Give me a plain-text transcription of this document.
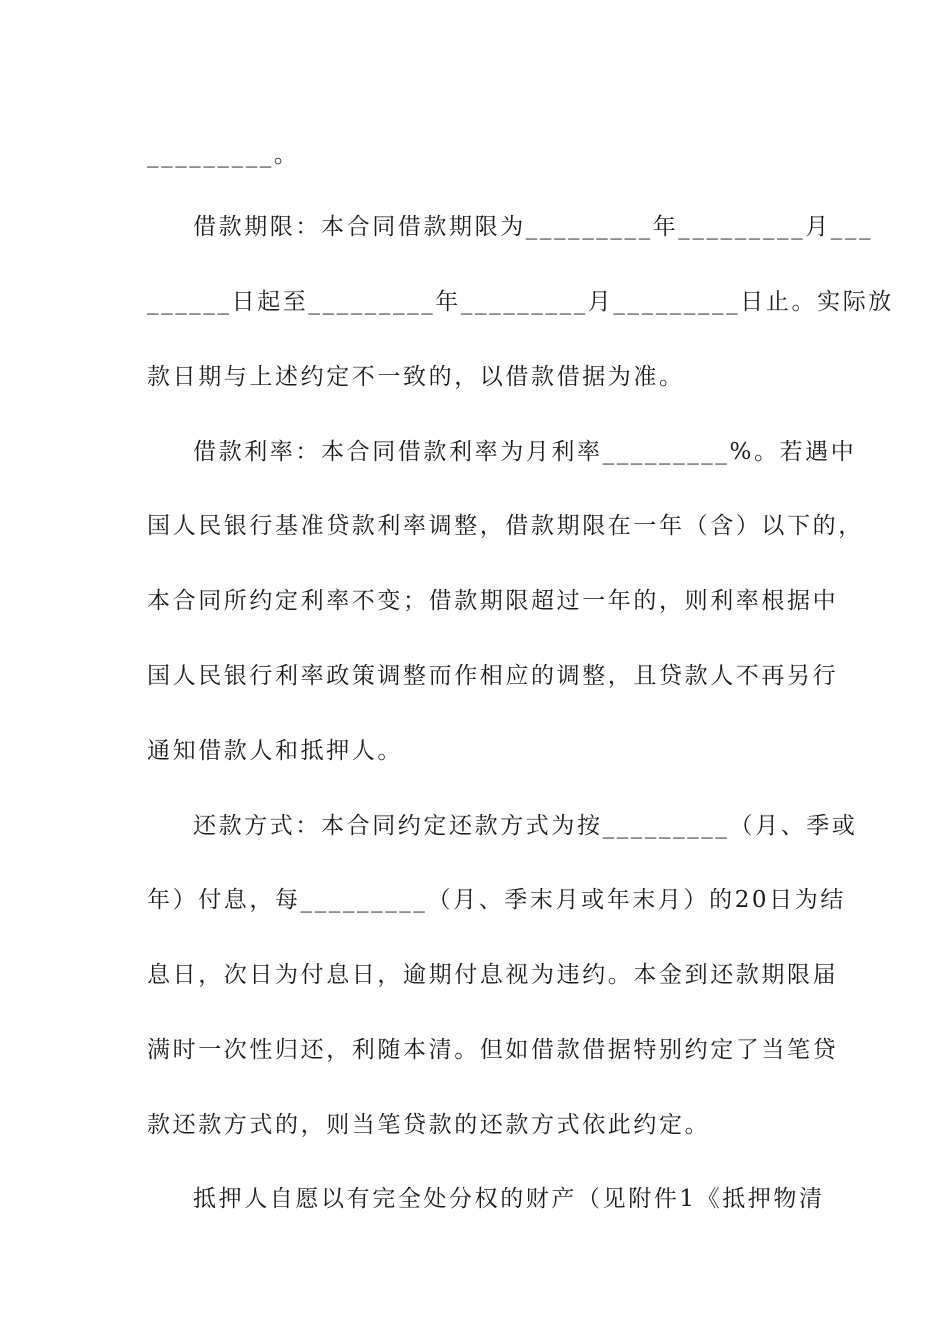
_________。
借款期限：本合同借款期限为_________年_________月___
______日起至_________年_________月_________日止。实际放
款日期与上述约定不一致的，以借款借据为准。
借款利率：本合同借款利率为月利率_________%。若遇中
国人民银行基准贷款利率调整，借款期限在一年（含）以下的，
本合同所约定利率不变；借款期限超过一年的，则利率根据中
国人民银行利率政策调整而作相应的调整，且贷款人不再另行
通知借款人和抵押人。
还款方式：本合同约定还款方式为按_________（月、季或
年）付息，每_________（月、季末月或年末月）的20日为结
息日，次日为付息日，逾期付息视为违约。本金到还款期限届
满时一次性归还，利随本清。但如借款借据特别约定了当笔贷
款还款方式的，则当笔贷款的还款方式依此约定。
抵押人自愿以有完全处分权的财产（见附件1《抵押物清
